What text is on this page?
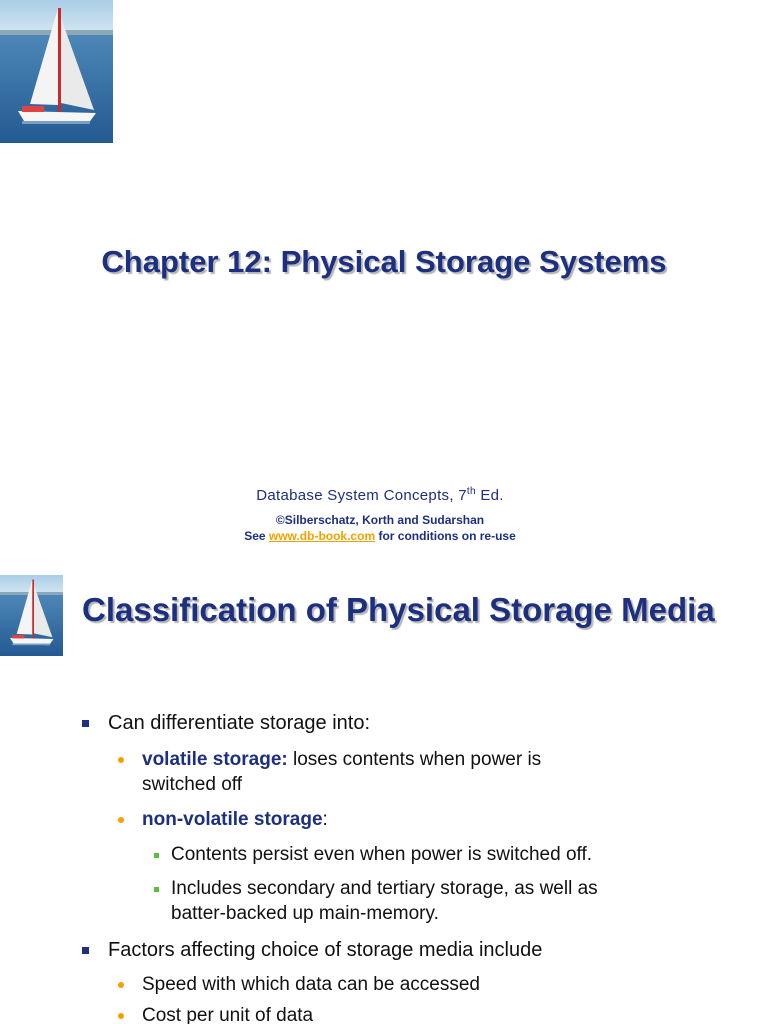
Chapter 12: Physical Storage Systems
Database System Concepts, 7th Ed.
©Silberschatz, Korth and Sudarshan
See www.db-book.com for conditions on re-use
Classification of Physical Storage Media
Can differentiate storage into:
volatile storage: loses contents when power is
switched off
non-volatile storage:
Contents persist even when power is switched off.
Includes secondary and tertiary storage, as well as
batter-backed up main-memory.
Factors affecting choice of storage media include
Speed with which data can be accessed
Cost per unit of data
